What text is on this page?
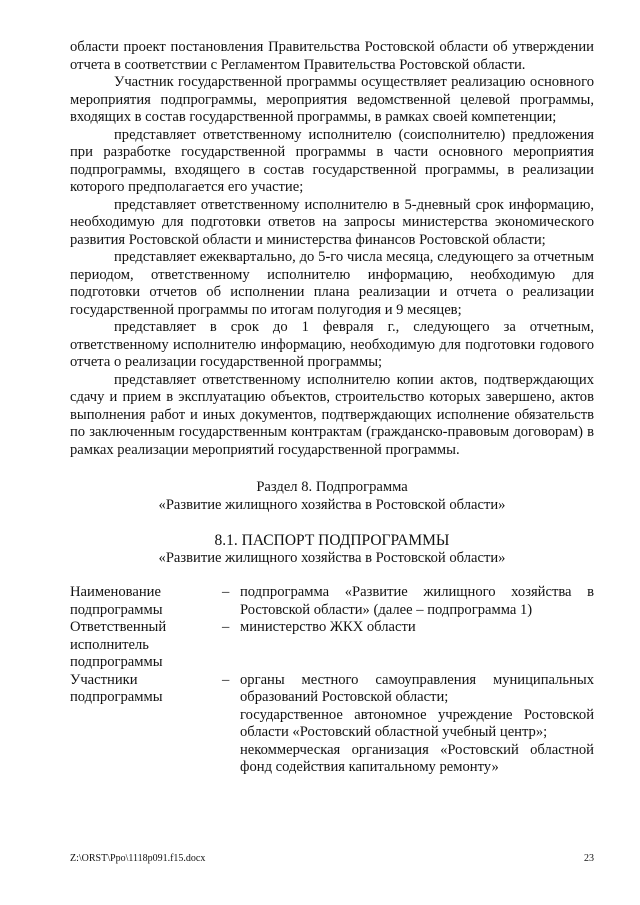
области проект постановления Правительства Ростовской области об утверждении отчета в соответствии с Регламентом Правительства Ростовской области.

Участник государственной программы осуществляет реализацию основного мероприятия подпрограммы, мероприятия ведомственной целевой программы, входящих в состав государственной программы, в рамках своей компетенции;

представляет ответственному исполнителю (соисполнителю) предложения при разработке государственной программы в части основного мероприятия подпрограммы, входящего в состав государственной программы, в реализации которого предполагается его участие;

представляет ответственному исполнителю в 5-дневный срок информацию, необходимую для подготовки ответов на запросы министерства экономического развития Ростовской области и министерства финансов Ростовской области;

представляет ежеквартально, до 5-го числа месяца, следующего за отчетным периодом, ответственному исполнителю информацию, необходимую для подготовки отчетов об исполнении плана реализации и отчета о реализации государственной программы по итогам полугодия и 9 месяцев;

представляет в срок до 1 февраля г., следующего за отчетным, ответственному исполнителю информацию, необходимую для подготовки годового отчета о реализации государственной программы;

представляет ответственному исполнителю копии актов, подтверждающих сдачу и прием в эксплуатацию объектов, строительство которых завершено, актов выполнения работ и иных документов, подтверждающих исполнение обязательств по заключенным государственным контрактам (гражданско-правовым договорам) в рамках реализации мероприятий государственной программы.

Раздел 8. Подпрограмма
«Развитие жилищного хозяйства в Ростовской области»
8.1. ПАСПОРТ ПОДПРОГРАММЫ
«Развитие жилищного хозяйства в Ростовской области»
Наименование подпрограммы
– подпрограмма «Развитие жилищного хозяйства в Ростовской области» (далее – подпрограмма 1)
Ответственный исполнитель подпрограммы
– министерство ЖКХ области
Участники подпрограммы
– органы местного самоуправления муниципальных образований Ростовской области;
государственное автономное учреждение Ростовской области «Ростовский областной учебный центр»;
некоммерческая организация «Ростовский областной фонд содействия капитальному ремонту»
Z:\ORST\Ppo\1118p091.f15.docx	23
